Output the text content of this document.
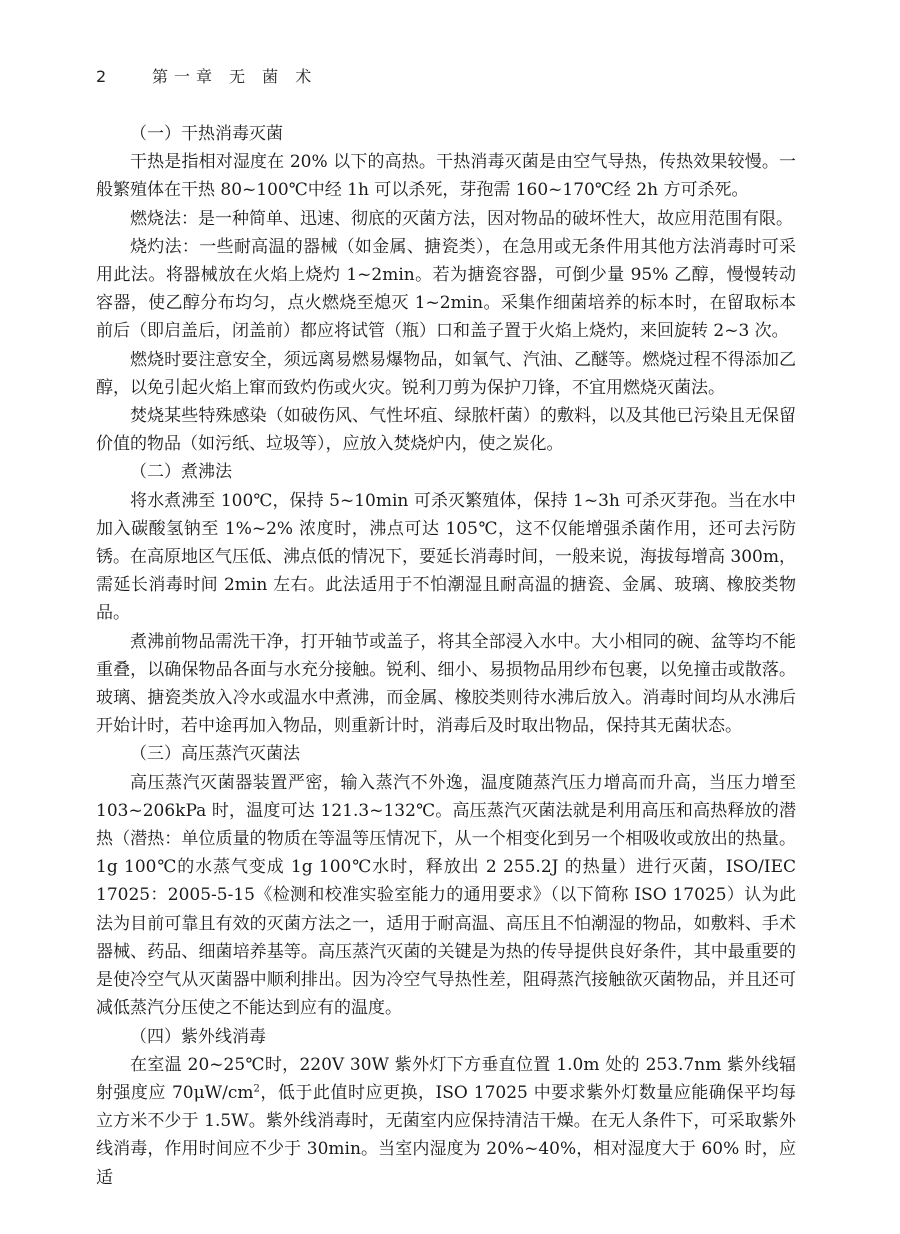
2	第一章 无 菌 术
（一）干热消毒灭菌

干热是指相对湿度在 20% 以下的高热。干热消毒灭菌是由空气导热，传热效果较慢。一般繁殖体在干热 80~100℃中经 1h 可以杀死，芽孢需 160~170℃经 2h 方可杀死。

燃烧法：是一种简单、迅速、彻底的灭菌方法，因对物品的破坏性大，故应用范围有限。

烧灼法：一些耐高温的器械（如金属、搪瓷类），在急用或无条件用其他方法消毒时可采用此法。将器械放在火焰上烧灼 1~2min。若为搪瓷容器，可倒少量 95% 乙醇，慢慢转动容器，使乙醇分布均匀，点火燃烧至熄灭 1~2min。采集作细菌培养的标本时，在留取标本前后（即启盖后，闭盖前）都应将试管（瓶）口和盖子置于火焰上烧灼，来回旋转 2~3 次。

燃烧时要注意安全，须远离易燃易爆物品，如氧气、汽油、乙醚等。燃烧过程不得添加乙醇，以免引起火焰上窜而致灼伤或火灾。锐利刀剪为保护刀锋，不宜用燃烧灭菌法。

焚烧某些特殊感染（如破伤风、气性坏疽、绿脓杆菌）的敷料，以及其他已污染且无保留价值的物品（如污纸、垃圾等），应放入焚烧炉内，使之炭化。

（二）煮沸法

将水煮沸至 100℃，保持 5~10min 可杀灭繁殖体，保持 1~3h 可杀灭芽孢。当在水中加入碳酸氢钠至 1%~2% 浓度时，沸点可达 105℃，这不仅能增强杀菌作用，还可去污防锈。在高原地区气压低、沸点低的情况下，要延长消毒时间，一般来说，海拔每增高 300m，需延长消毒时间 2min 左右。此法适用于不怕潮湿且耐高温的搪瓷、金属、玻璃、橡胶类物品。

煮沸前物品需洗干净，打开轴节或盖子，将其全部浸入水中。大小相同的碗、盆等均不能重叠，以确保物品各面与水充分接触。锐利、细小、易损物品用纱布包裹，以免撞击或散落。玻璃、搪瓷类放入冷水或温水中煮沸，而金属、橡胶类则待水沸后放入。消毒时间均从水沸后开始计时，若中途再加入物品，则重新计时，消毒后及时取出物品，保持其无菌状态。

（三）高压蒸汽灭菌法

高压蒸汽灭菌器装置严密，输入蒸汽不外逸，温度随蒸汽压力增高而升高，当压力增至 103~206kPa 时，温度可达 121.3~132℃。高压蒸汽灭菌法就是利用高压和高热释放的潜热（潜热：单位质量的物质在等温等压情况下，从一个相变化到另一个相吸收或放出的热量。1g 100℃的水蒸气变成 1g 100℃水时，释放出 2 255.2J 的热量）进行灭菌，ISO/IEC 17025：2005-5-15《检测和校准实验室能力的通用要求》（以下简称 ISO 17025）认为此法为目前可靠且有效的灭菌方法之一，适用于耐高温、高压且不怕潮湿的物品，如敷料、手术器械、药品、细菌培养基等。高压蒸汽灭菌的关键是为热的传导提供良好条件，其中最重要的是使冷空气从灭菌器中顺利排出。因为冷空气导热性差，阻碍蒸汽接触欲灭菌物品，并且还可减低蒸汽分压使之不能达到应有的温度。

（四）紫外线消毒

在室温 20~25℃时，220V 30W 紫外灯下方垂直位置 1.0m 处的 253.7nm 紫外线辐射强度应 $70\mu W/cm^2$，低于此值时应更换，ISO 17025 中要求紫外灯数量应能确保平均每立方米不少于 1.5W。紫外线消毒时，无菌室内应保持清洁干燥。在无人条件下，可采取紫外线消毒，作用时间应不少于 30min。当室内湿度为 20%~40%，相对湿度大于 60% 时，应适
